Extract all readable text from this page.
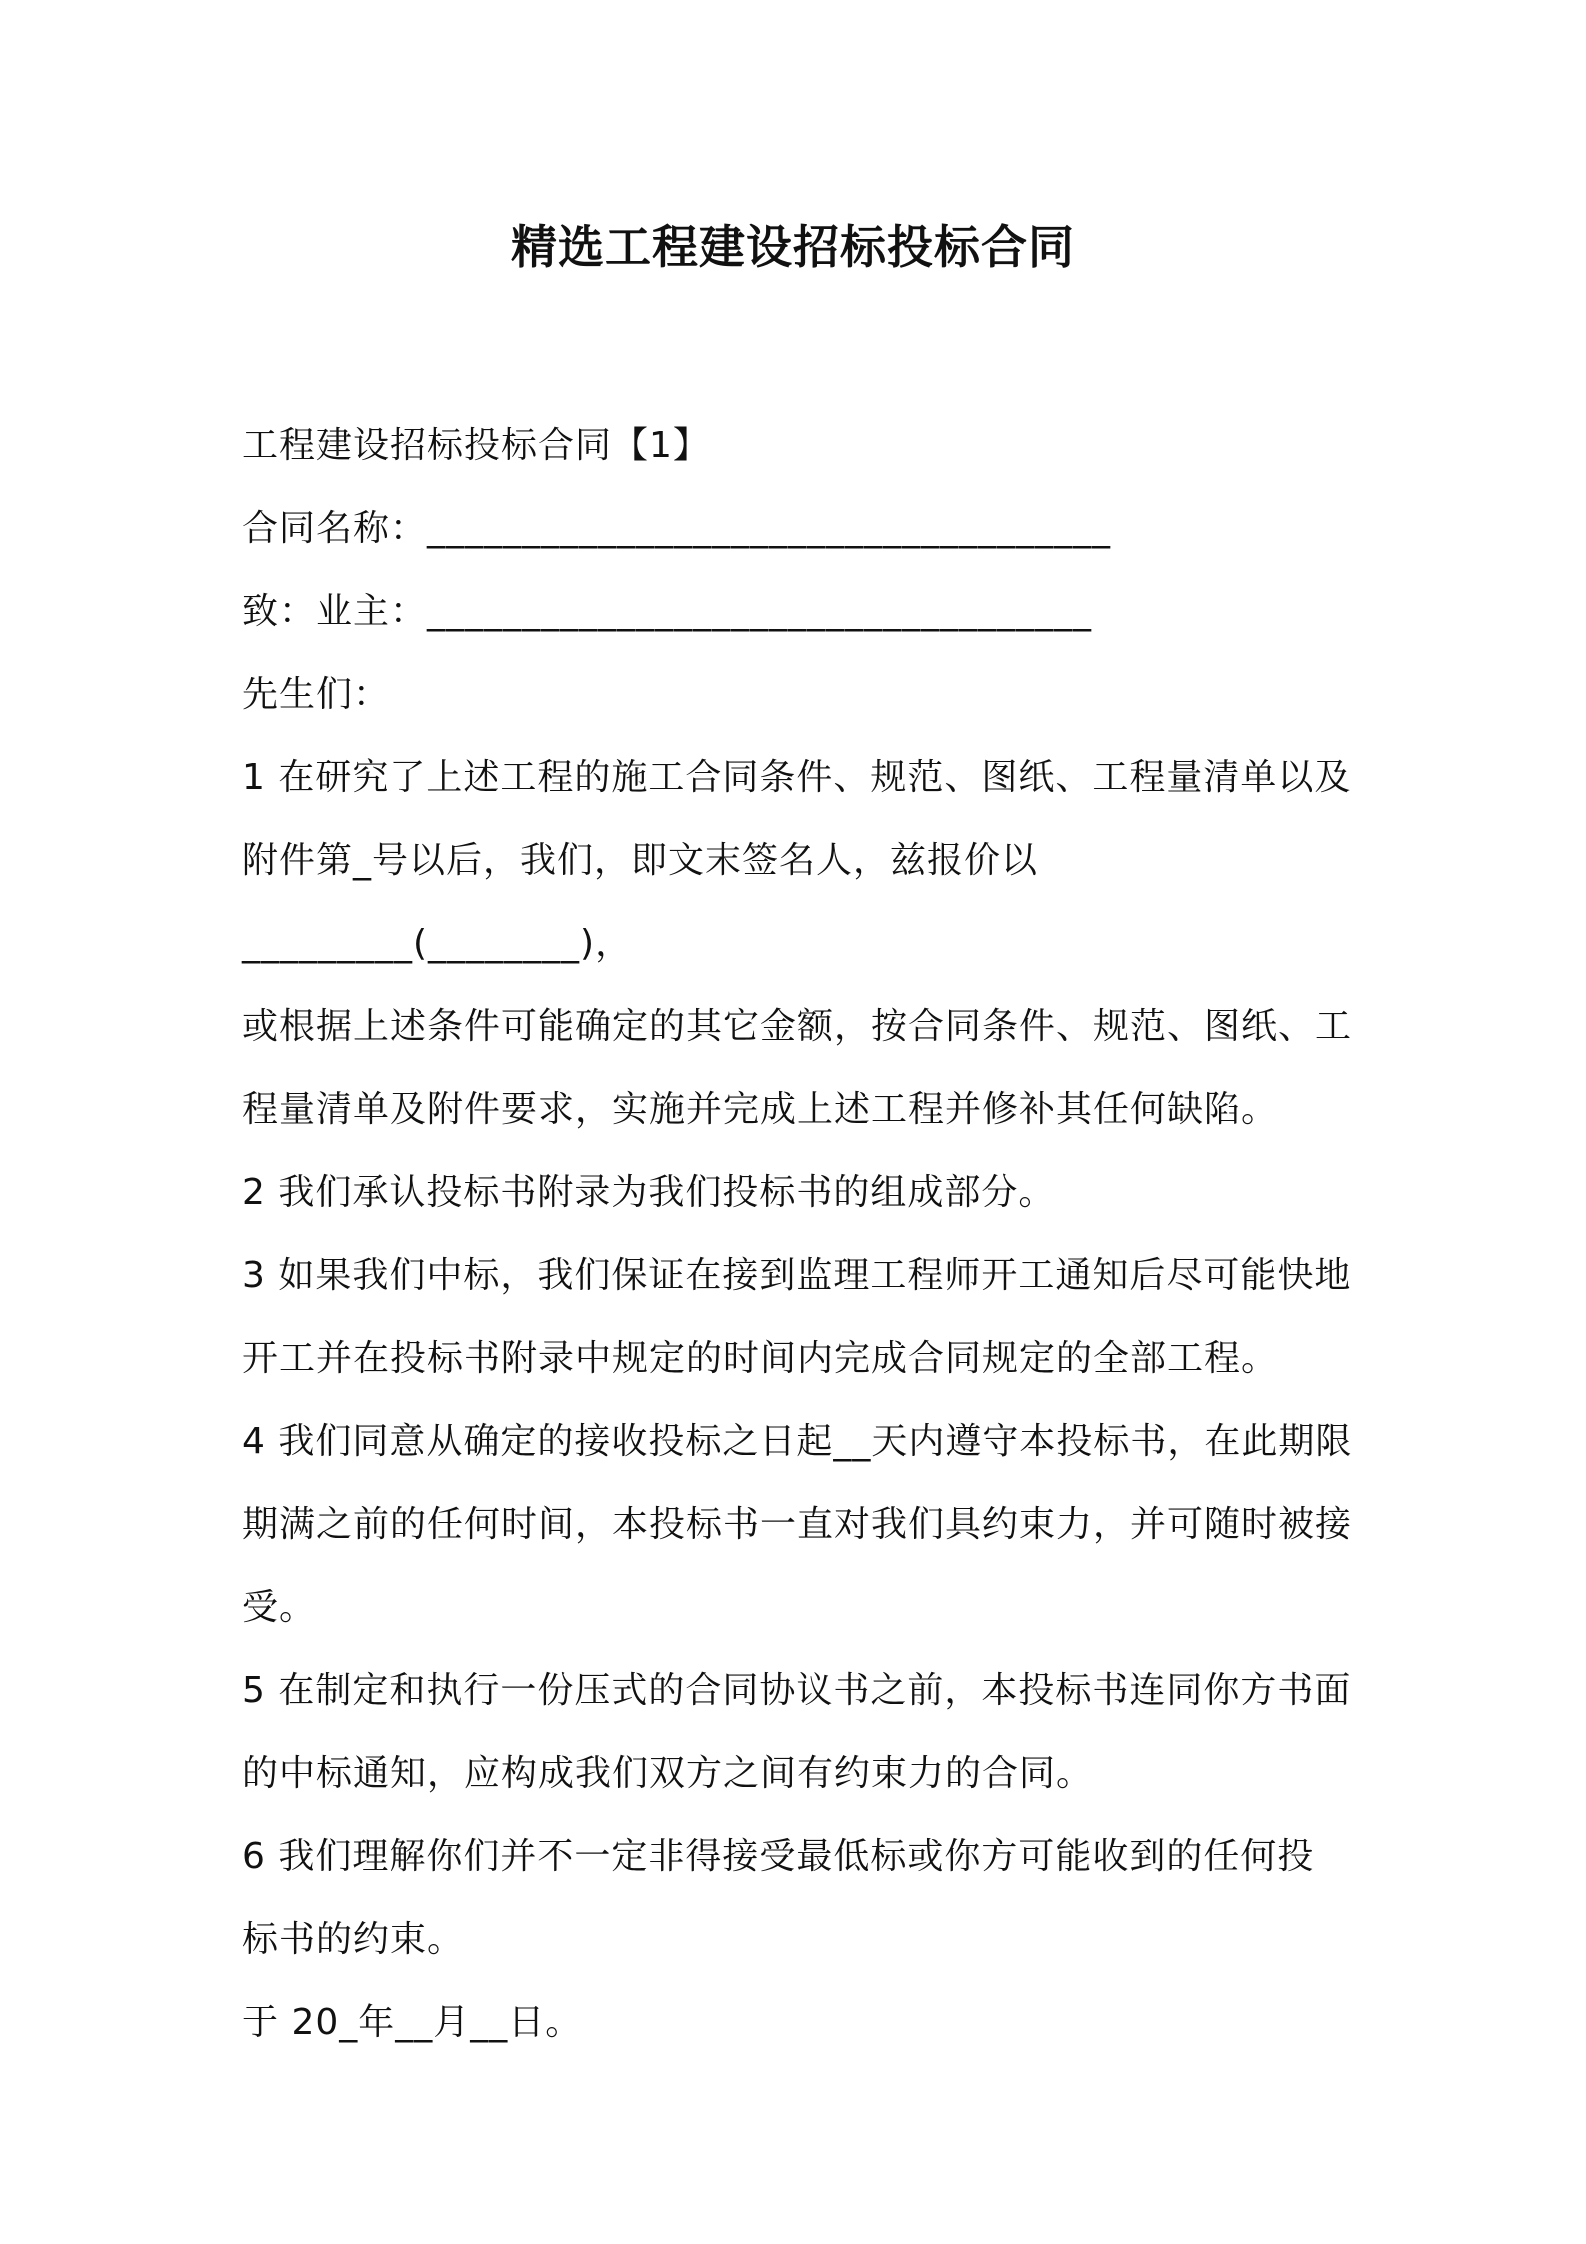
精选工程建设招标投标合同

工程建设招标投标合同【1】

合同名称：____________________________________

致：业主：___________________________________

先生们：

1 在研究了上述工程的施工合同条件、规范、图纸、工程量清单以及

附件第_号以后，我们，即文末签名人，兹报价以_________(________)，

或根据上述条件可能确定的其它金额，按合同条件、规范、图纸、工

程量清单及附件要求，实施并完成上述工程并修补其任何缺陷。

2 我们承认投标书附录为我们投标书的组成部分。

3 如果我们中标，我们保证在接到监理工程师开工通知后尽可能快地

开工并在投标书附录中规定的时间内完成合同规定的全部工程。

4 我们同意从确定的接收投标之日起__天内遵守本投标书，在此期限

期满之前的任何时间，本投标书一直对我们具约束力，并可随时被接

受。

5 在制定和执行一份压式的合同协议书之前，本投标书连同你方书面

的中标通知，应构成我们双方之间有约束力的合同。

6 我们理解你们并不一定非得接受最低标或你方可能收到的任何投

标书的约束。

于 20_年__月__日。
